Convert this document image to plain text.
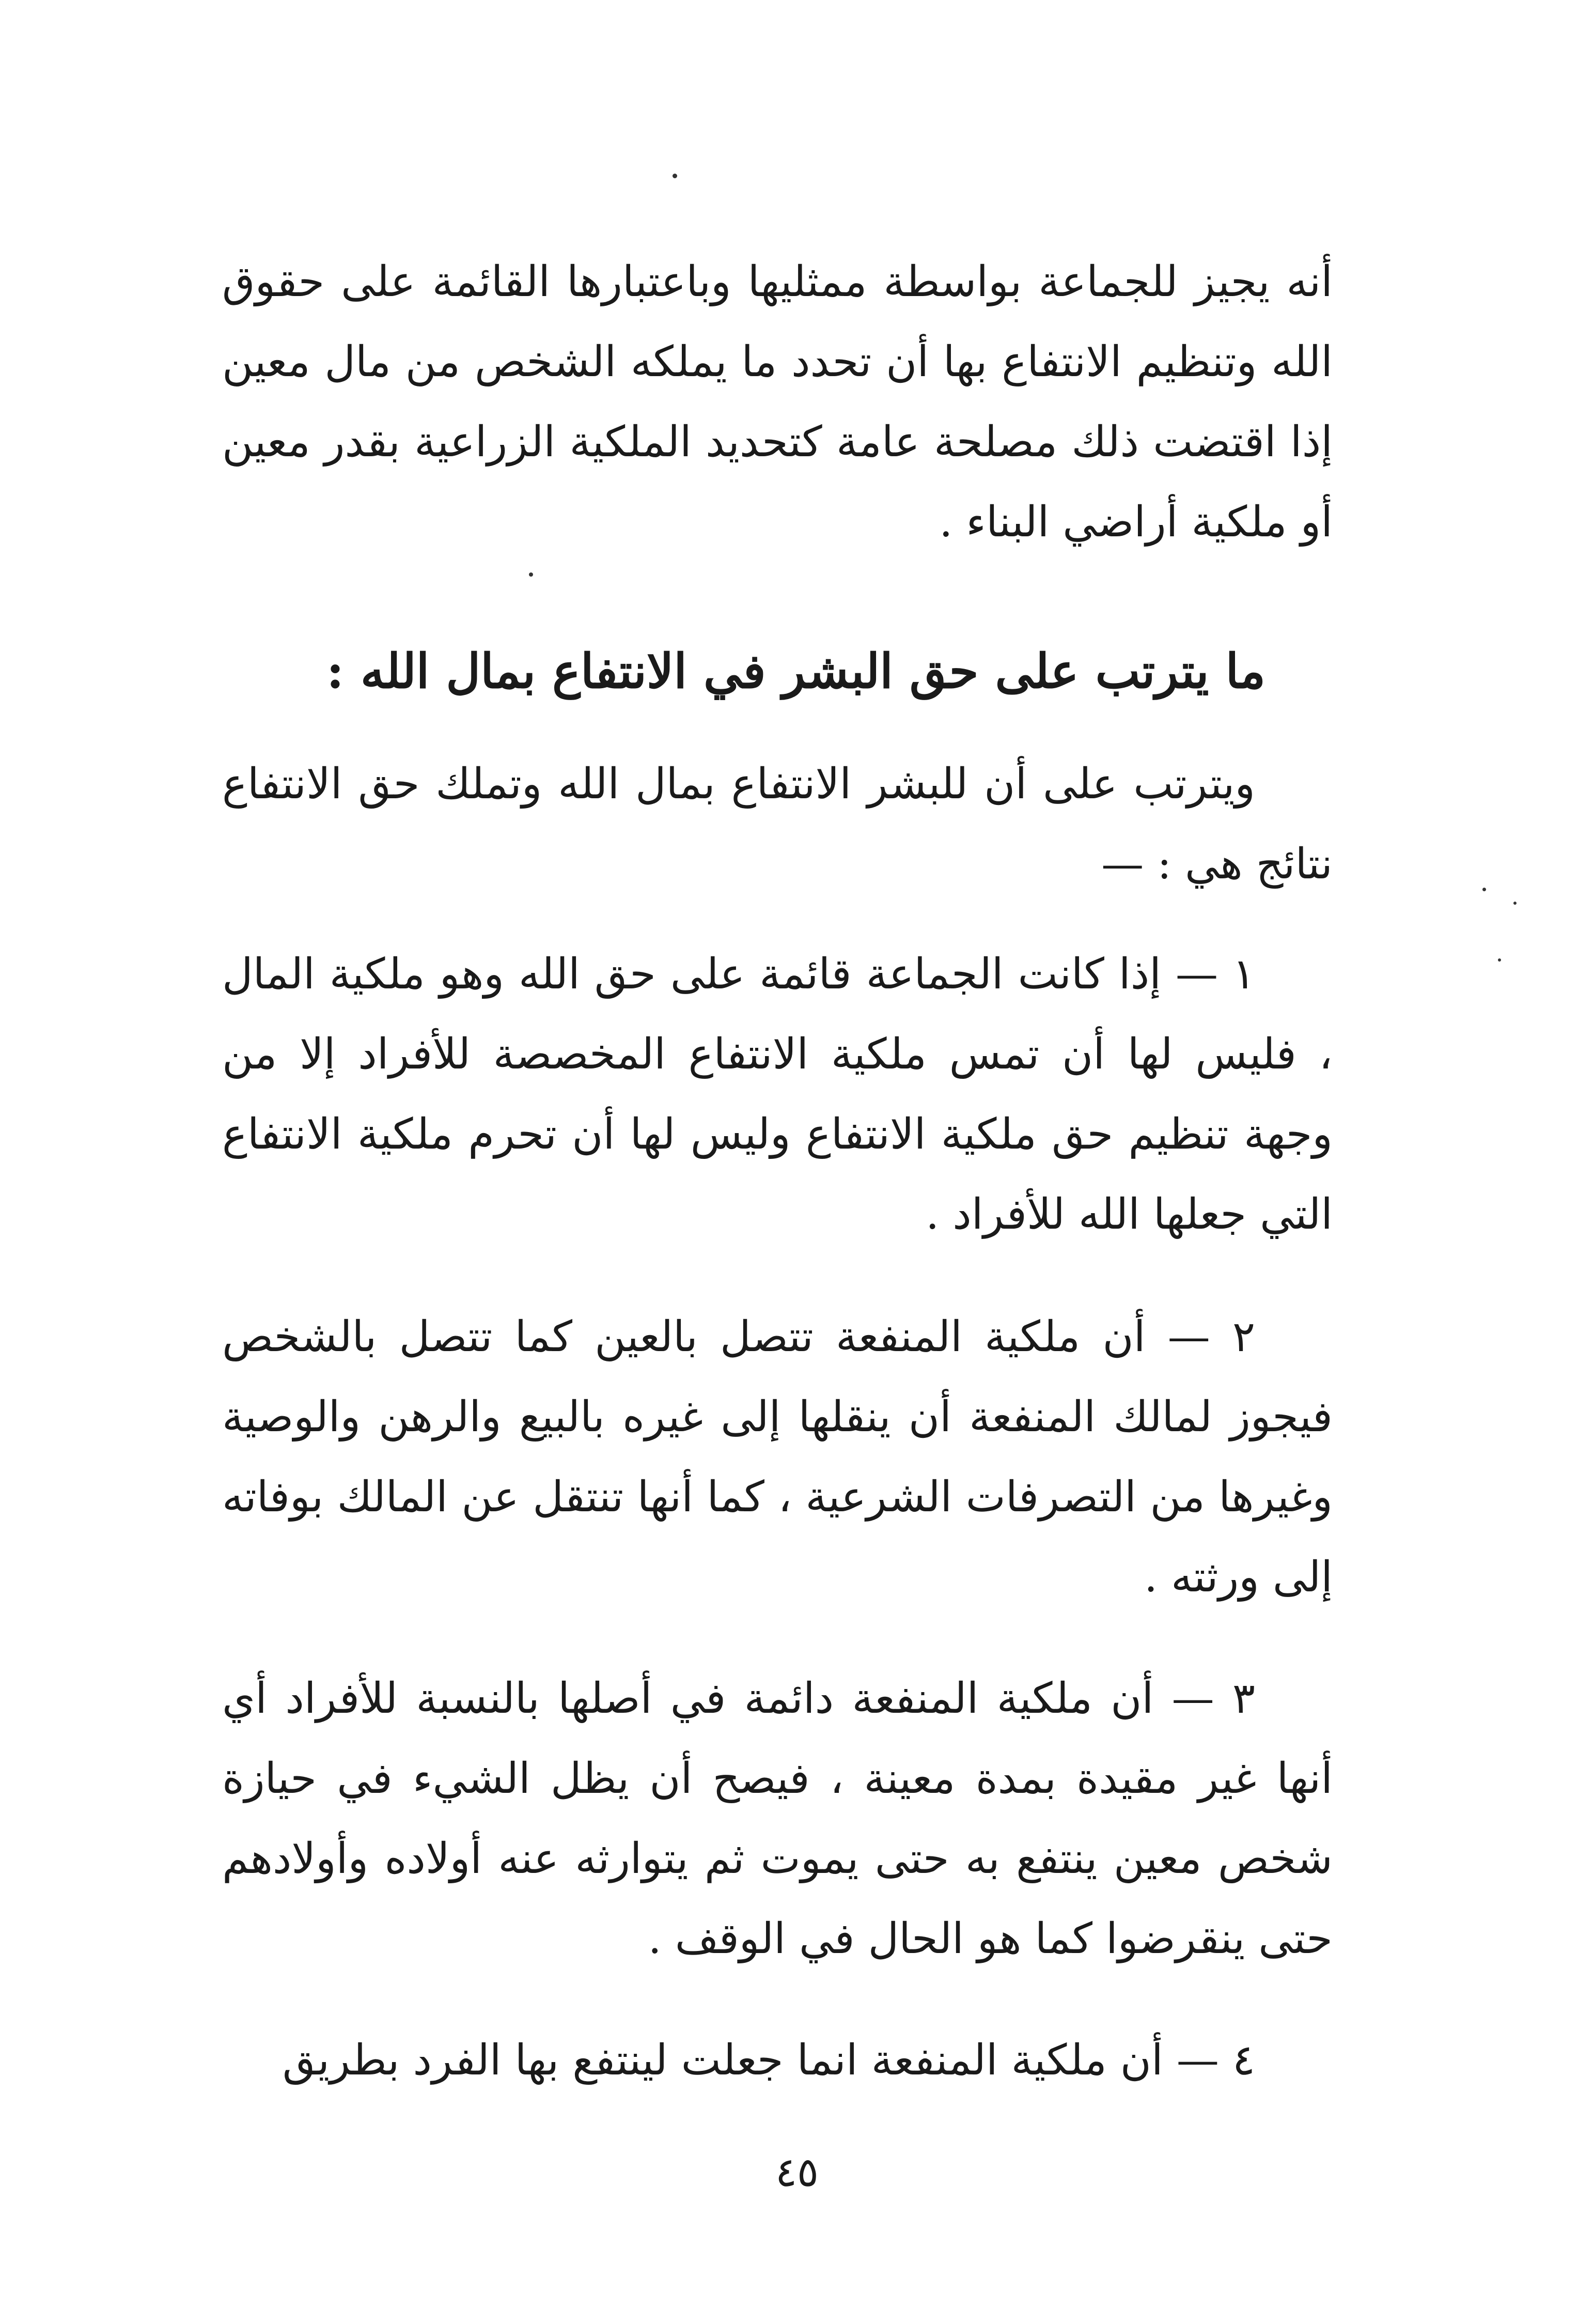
أنه يجيز للجماعة بواسطة ممثليها وباعتبارها القائمة على حقوق الله وتنظيم الانتفاع بها أن تحدد ما يملكه الشخص من مال معين إذا اقتضت ذلك مصلحة عامة كتحديد الملكية الزراعية بقدر معين أو ملكية أراضي البناء .

ما يترتب على حق البشر في الانتفاع بمال الله :

ويترتب على أن للبشر الانتفاع بمال الله وتملك حق الانتفاع نتائج هي : —

١ — إذا كانت الجماعة قائمة على حق الله وهو ملكية المال ، فليس لها أن تمس ملكية الانتفاع المخصصة للأفراد إلا من وجهة تنظيم حق ملكية الانتفاع وليس لها أن تحرم ملكية الانتفاع التي جعلها الله للأفراد .

٢ — أن ملكية المنفعة تتصل بالعين كما تتصل بالشخص فيجوز لمالك المنفعة أن ينقلها إلى غيره بالبيع والرهن والوصية وغيرها من التصرفات الشرعية ، كما أنها تنتقل عن المالك بوفاته إلى ورثته .

٣ — أن ملكية المنفعة دائمة في أصلها بالنسبة للأفراد أي أنها غير مقيدة بمدة معينة ، فيصح أن يظل الشيء في حيازة شخص معين ينتفع به حتى يموت ثم يتوارثه عنه أولاده وأولادهم حتى ينقرضوا كما هو الحال في الوقف .

٤ — أن ملكية المنفعة انما جعلت لينتفع بها الفرد بطريق

٤٥
